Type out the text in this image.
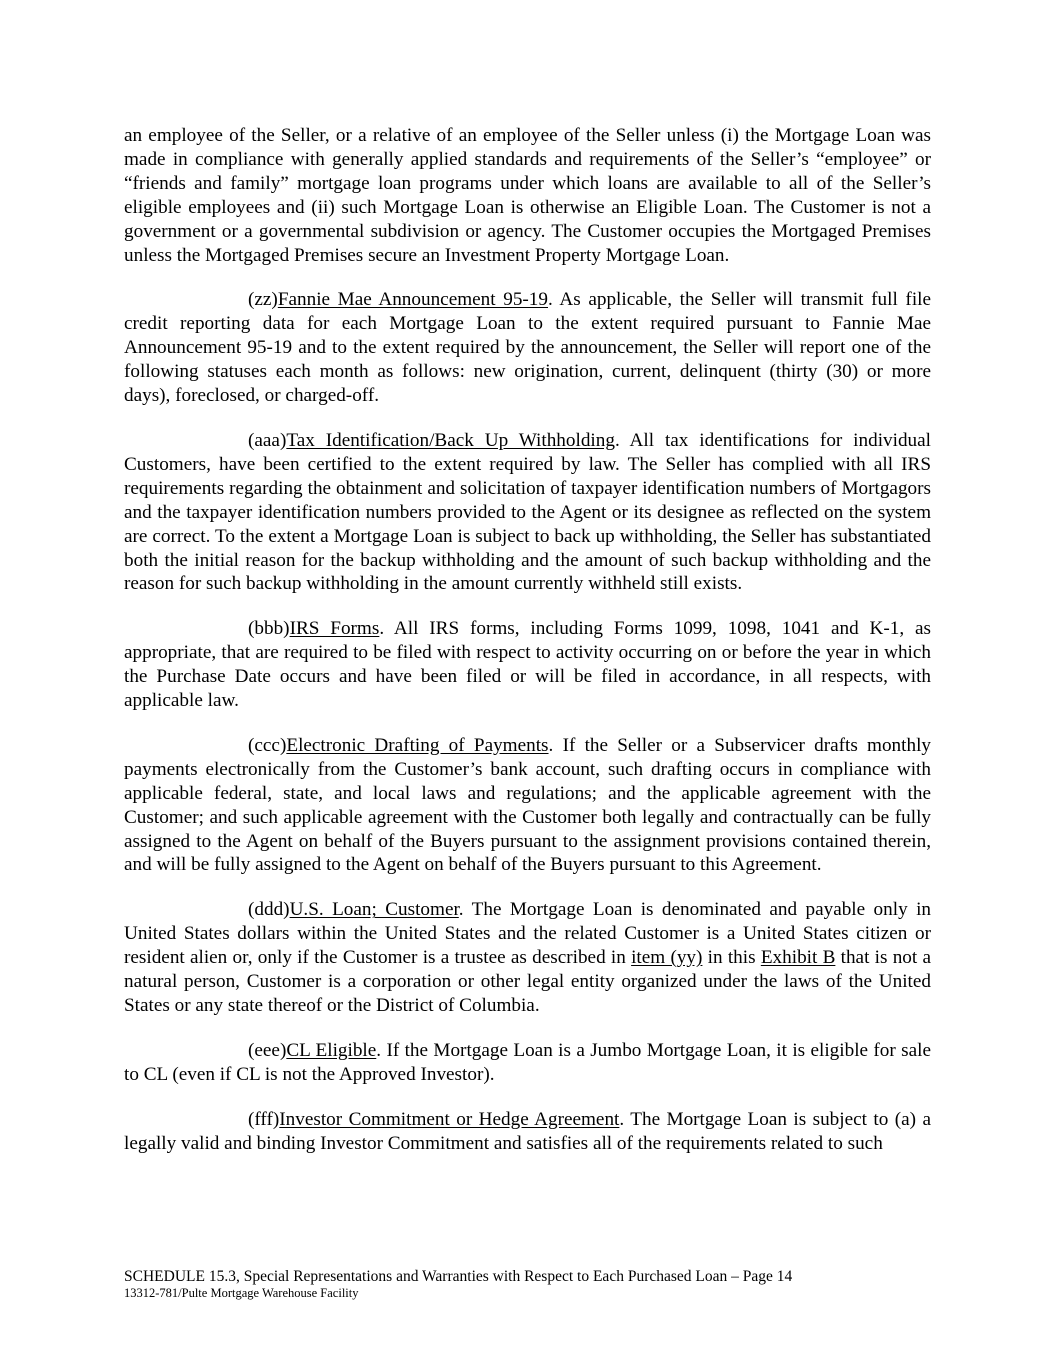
an employee of the Seller, or a relative of an employee of the Seller unless (i) the Mortgage Loan was made in compliance with generally applied standards and requirements of the Seller’s “employee” or “friends and family” mortgage loan programs under which loans are available to all of the Seller’s eligible employees and (ii) such Mortgage Loan is otherwise an Eligible Loan. The Customer is not a government or a governmental subdivision or agency. The Customer occupies the Mortgaged Premises unless the Mortgaged Premises secure an Investment Property Mortgage Loan.

(zz)Fannie Mae Announcement 95-19. As applicable, the Seller will transmit full file credit reporting data for each Mortgage Loan to the extent required pursuant to Fannie Mae Announcement 95-19 and to the extent required by the announcement, the Seller will report one of the following statuses each month as follows: new origination, current, delinquent (thirty (30) or more days), foreclosed, or charged-off.

(aaa)Tax Identification/Back Up Withholding. All tax identifications for individual Customers, have been certified to the extent required by law. The Seller has complied with all IRS requirements regarding the obtainment and solicitation of taxpayer identification numbers of Mortgagors and the taxpayer identification numbers provided to the Agent or its designee as reflected on the system are correct. To the extent a Mortgage Loan is subject to back up withholding, the Seller has substantiated both the initial reason for the backup withholding and the amount of such backup withholding and the reason for such backup withholding in the amount currently withheld still exists.

(bbb)IRS Forms. All IRS forms, including Forms 1099, 1098, 1041 and K-1, as appropriate, that are required to be filed with respect to activity occurring on or before the year in which the Purchase Date occurs and have been filed or will be filed in accordance, in all respects, with applicable law.

(ccc)Electronic Drafting of Payments. If the Seller or a Subservicer drafts monthly payments electronically from the Customer’s bank account, such drafting occurs in compliance with applicable federal, state, and local laws and regulations; and the applicable agreement with the Customer; and such applicable agreement with the Customer both legally and contractually can be fully assigned to the Agent on behalf of the Buyers pursuant to the assignment provisions contained therein, and will be fully assigned to the Agent on behalf of the Buyers pursuant to this Agreement.

(ddd)U.S. Loan; Customer. The Mortgage Loan is denominated and payable only in United States dollars within the United States and the related Customer is a United States citizen or resident alien or, only if the Customer is a trustee as described in item (yy) in this Exhibit B that is not a natural person, Customer is a corporation or other legal entity organized under the laws of the United States or any state thereof or the District of Columbia.

(eee)CL Eligible. If the Mortgage Loan is a Jumbo Mortgage Loan, it is eligible for sale to CL (even if CL is not the Approved Investor).

(fff)Investor Commitment or Hedge Agreement. The Mortgage Loan is subject to (a) a legally valid and binding Investor Commitment and satisfies all of the requirements related to such

SCHEDULE 15.3, Special Representations and Warranties with Respect to Each Purchased Loan – Page 14
13312-781/Pulte Mortgage Warehouse Facility
